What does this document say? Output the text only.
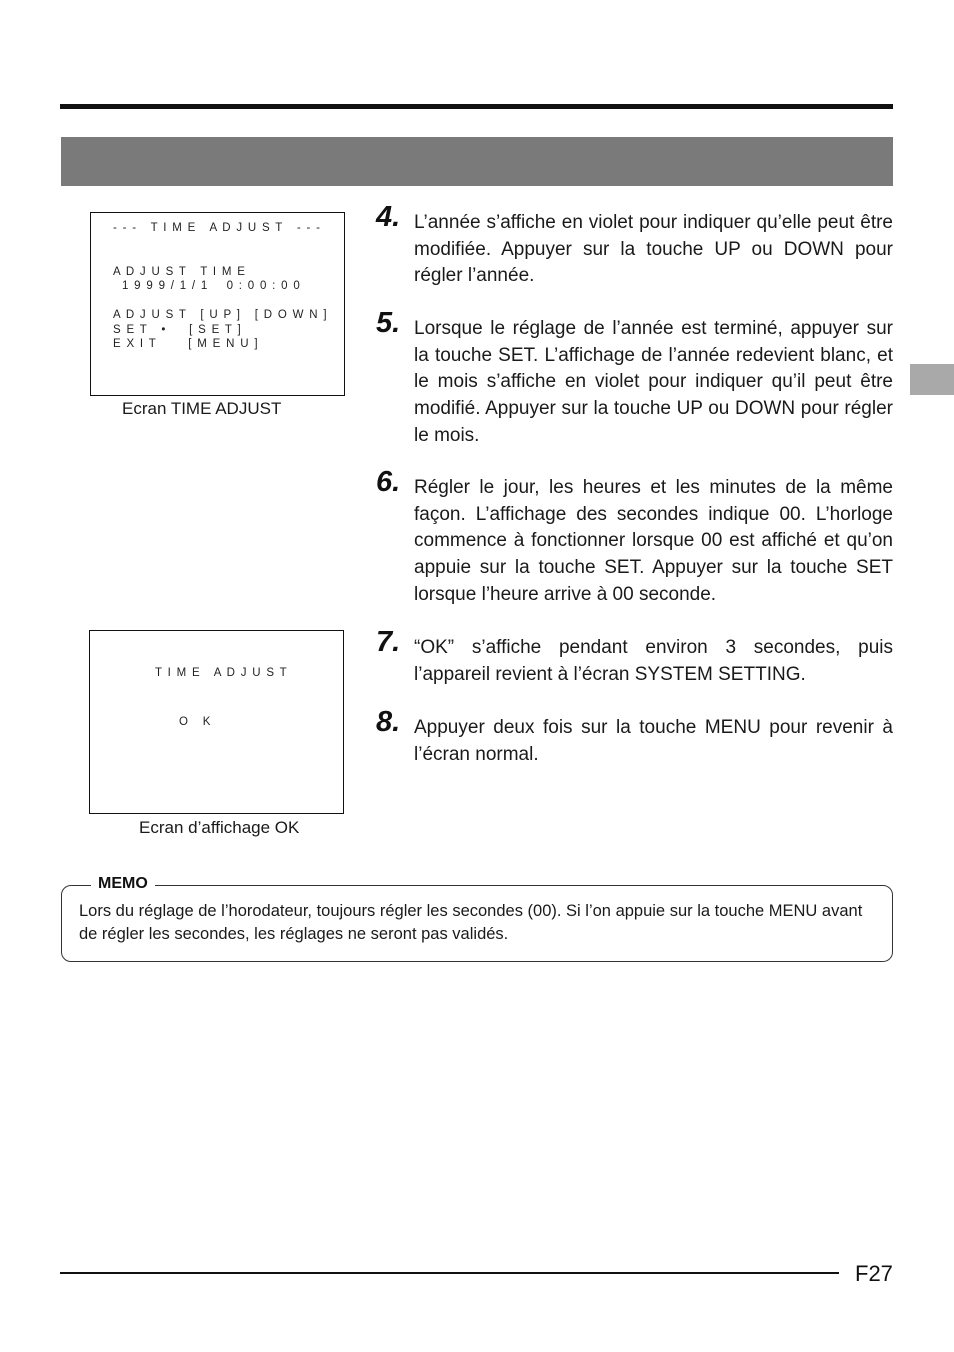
- - -   T I M E   A D J U S T   - - -

A D J U S T   T I M E
1 9 9 9 / 1 / 1    0 : 0 0 : 0 0

A D J U S T   [ U P ]   [ D O W N ]
S E T   •     [ S E T ]
E X I T       [ M E N U ]
Ecran TIME ADJUST
T I M E   A D J U S T
O   K
Ecran d’affichage OK
4. L’année s’affiche en violet pour indiquer qu’elle peut être modifiée. Appuyer sur la touche UP ou DOWN pour régler l’année.
5. Lorsque le réglage de l’année est terminé, appuyer sur la touche SET. L’affichage de l’année redevient blanc, et le mois s’affiche en violet pour indiquer qu’il peut être modifié. Appuyer sur la touche UP ou DOWN pour régler le mois.
6. Régler le jour, les heures et les minutes de la même façon. L’affichage des secondes indique 00. L’horloge commence à fonctionner lorsque 00 est affiché et qu’on appuie sur la touche SET. Appuyer sur la touche SET lorsque l’heure arrive à 00 seconde.
7. “OK” s’affiche pendant environ 3 secondes, puis l’appareil revient à l’écran SYSTEM SETTING.
8. Appuyer deux fois sur la touche MENU pour revenir à l’écran normal.
MEMO
Lors du réglage de l’horodateur, toujours régler les secondes (00). Si l’on appuie sur la touche MENU avant de régler les secondes, les réglages ne seront pas validés.
F27
